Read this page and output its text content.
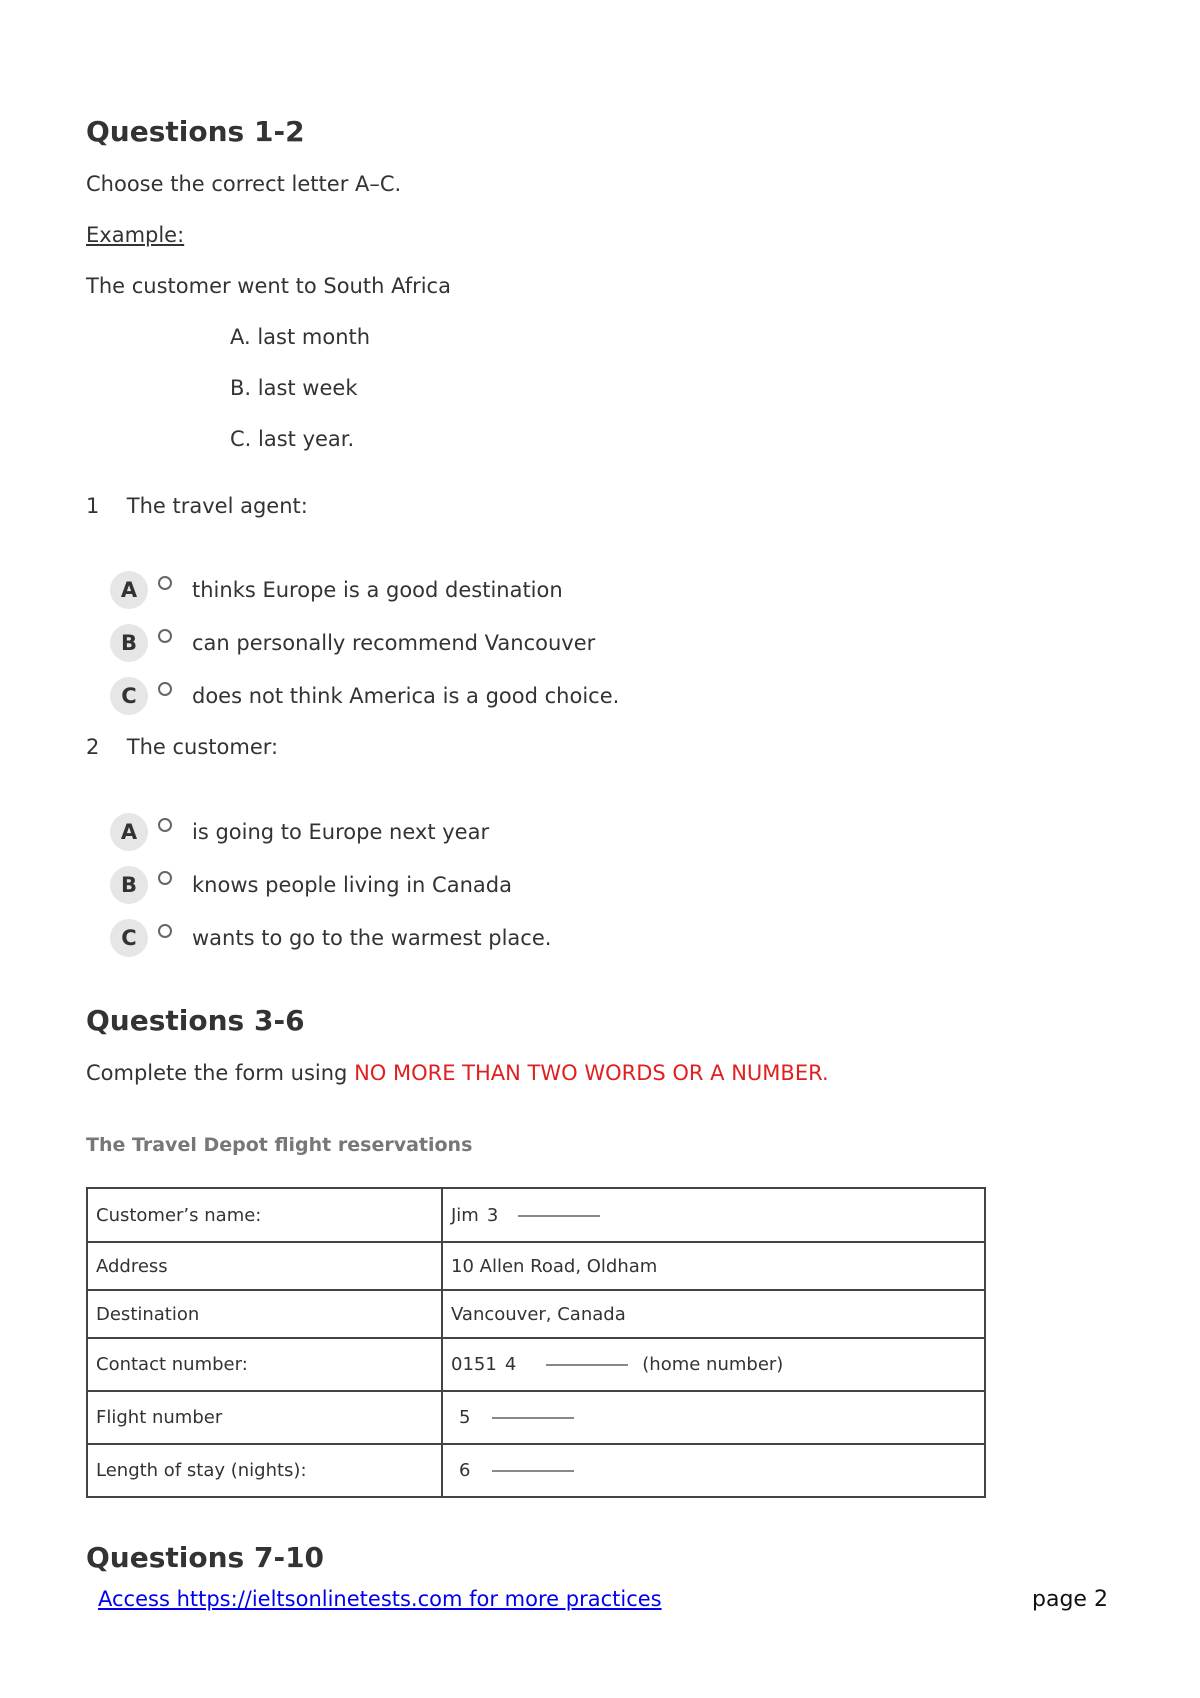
Questions 1-2
Choose the correct letter A–C.
Example:
The customer went to South Africa
A. last month
B. last week
C. last year.
1 The travel agent:
A	thinks Europe is a good destination
B	can personally recommend Vancouver
C	does not think America is a good choice.
2 The customer:
A	is going to Europe next year
B	knows people living in Canada
C	wants to go to the warmest place.
Questions 3-6
Complete the form using NO MORE THAN TWO WORDS OR A NUMBER.
The Travel Depot flight reservations
Customer’s name:	Jim 3
Address	10 Allen Road, Oldham
Destination	Vancouver, Canada
Contact number:	0151 4 (home number)
Flight number	5
Length of stay (nights):	6
Questions 7-10
Access https://ieltsonlinetests.com for more practices	page 2
